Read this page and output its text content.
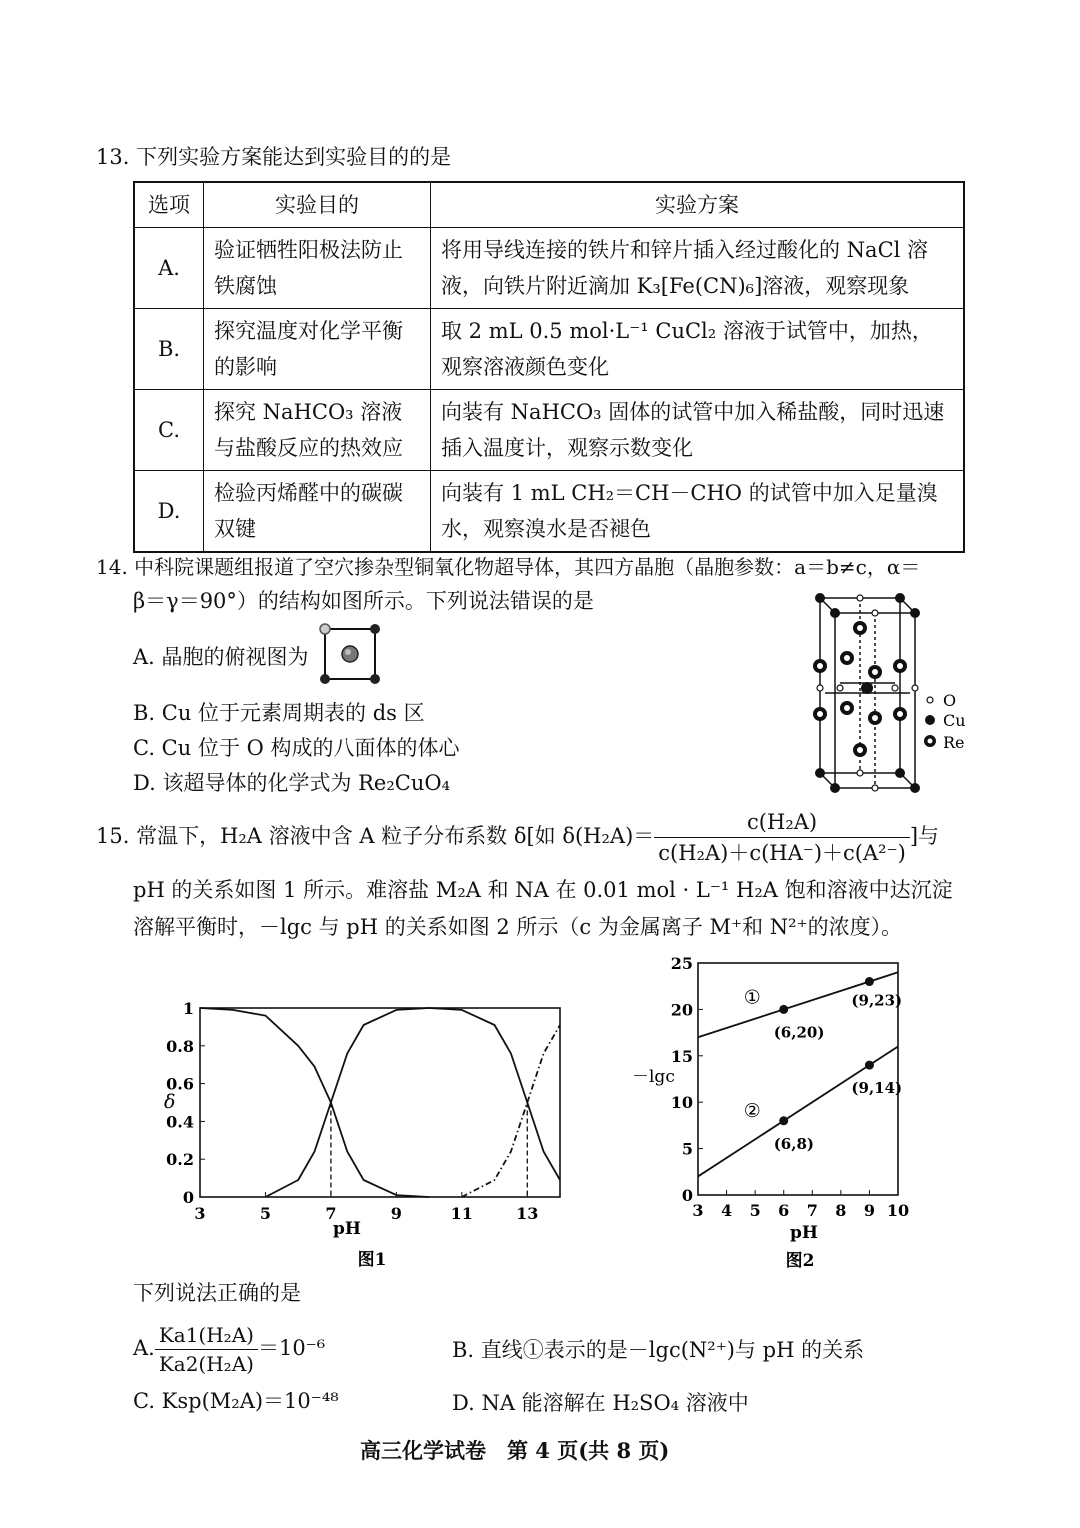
13. 下列实验方案能达到实验目的的是
选项	实验目的	实验方案
A.	验证牺牲阳极法防止铁腐蚀	将用导线连接的铁片和锌片插入经过酸化的 NaCl 溶液，向铁片附近滴加 K₃[Fe(CN)₆]溶液，观察现象
B.	探究温度对化学平衡的影响	取 2 mL 0.5 mol·L⁻¹ CuCl₂ 溶液于试管中，加热，观察溶液颜色变化
C.	探究 NaHCO₃ 溶液与盐酸反应的热效应	向装有 NaHCO₃ 固体的试管中加入稀盐酸，同时迅速插入温度计，观察示数变化
D.	检验丙烯醛中的碳碳双键	向装有 1 mL CH₂＝CH－CHO 的试管中加入足量溴水，观察溴水是否褪色
14. 中科院课题组报道了空穴掺杂型铜氧化物超导体，其四方晶胞（晶胞参数：a＝b≠c，α＝
β＝γ＝90°）的结构如图所示。下列说法错误的是
A. 晶胞的俯视图为
B. Cu 位于元素周期表的 ds 区
C. Cu 位于 O 构成的八面体的体心
D. 该超导体的化学式为 Re₂CuO₄
O
Cu
Re
15. 常温下，H₂A 溶液中含 A 粒子分布系数 δ[如 $\delta(H_2A)= \frac{\text{c(H₂A)}}{\text{c(H₂A)＋c(HA⁻)＋c(A²⁻)}}$ ]与
pH 的关系如图 1 所示。难溶盐 M₂A 和 NA 在 0.01 mol · L⁻¹ H₂A 饱和溶液中达沉淀
溶解平衡时，－lgc 与 pH 的关系如图 2 所示（c 为金属离子 M⁺和 N²⁺的浓度）。
3	5	7	9	11	13
0
0.2
0.4
0.6
0.8
1
pH
δ
图1
3 4 5 6 7 8 9 10
0
5
10
15
20
25
(6,20)
(9,23)
①
(6,8)
(9,14)
②
pH
－lgc
图2
下列说法正确的是
A. $\frac{\text{Ka1(H₂A)}}{\text{Ka2(H₂A)}} =10^{-6}$	B. 直线①表示的是－lgc(N²⁺)与 pH 的关系
C. Ksp(M₂A)＝10⁻⁴⁸	D. NA 能溶解在 H₂SO₄ 溶液中
高三化学试卷　第 4 页(共 8 页)
